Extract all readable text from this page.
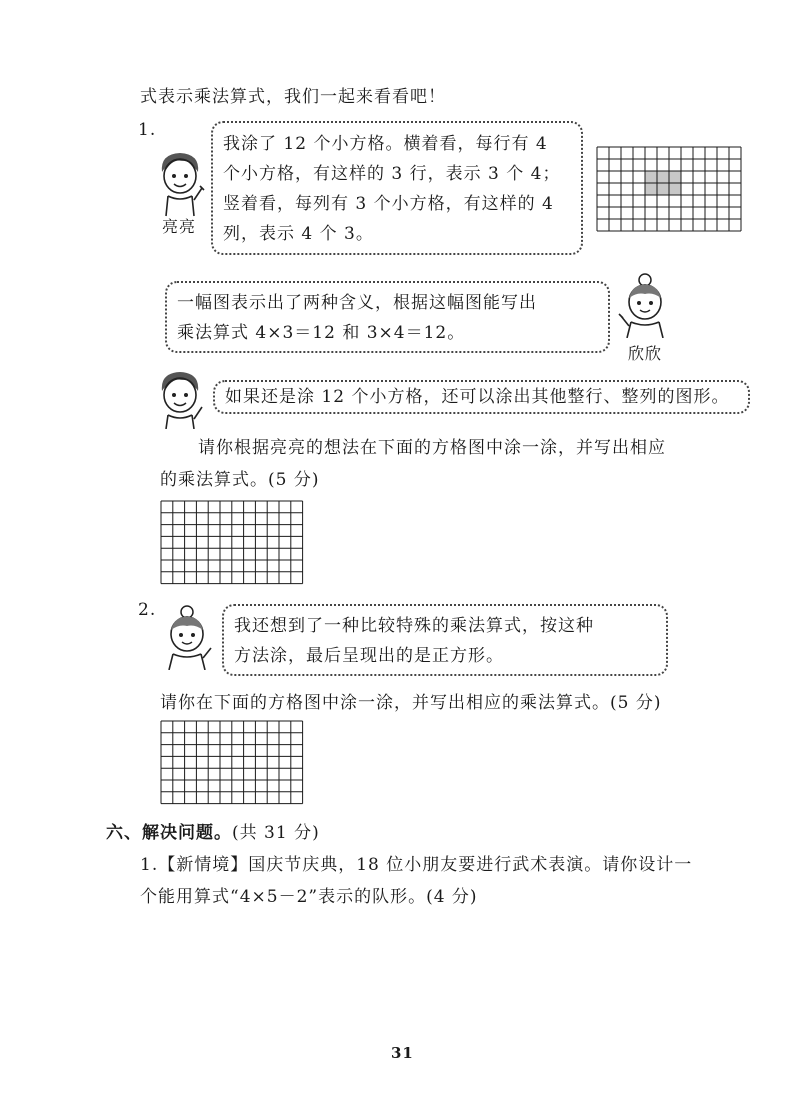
式表示乘法算式，我们一起来看看吧！
1.
亮亮
我涂了 12 个小方格。横着看，每行有 4
个小方格，有这样的 3 行，表示 3 个 4；
竖着看，每列有 3 个小方格，有这样的 4
列，表示 4 个 3。
一幅图表示出了两种含义，根据这幅图能写出
乘法算式 4×3＝12 和 3×4＝12。
欣欣
如果还是涂 12 个小方格，还可以涂出其他整行、整列的图形。
请你根据亮亮的想法在下面的方格图中涂一涂，并写出相应
的乘法算式。(5 分)
2.
我还想到了一种比较特殊的乘法算式，按这种
方法涂，最后呈现出的是正方形。
请你在下面的方格图中涂一涂，并写出相应的乘法算式。(5 分)
六、解决问题。(共 31 分)
1.【新情境】国庆节庆典，18 位小朋友要进行武术表演。请你设计一
个能用算式“4×5－2”表示的队形。(4 分)
31
